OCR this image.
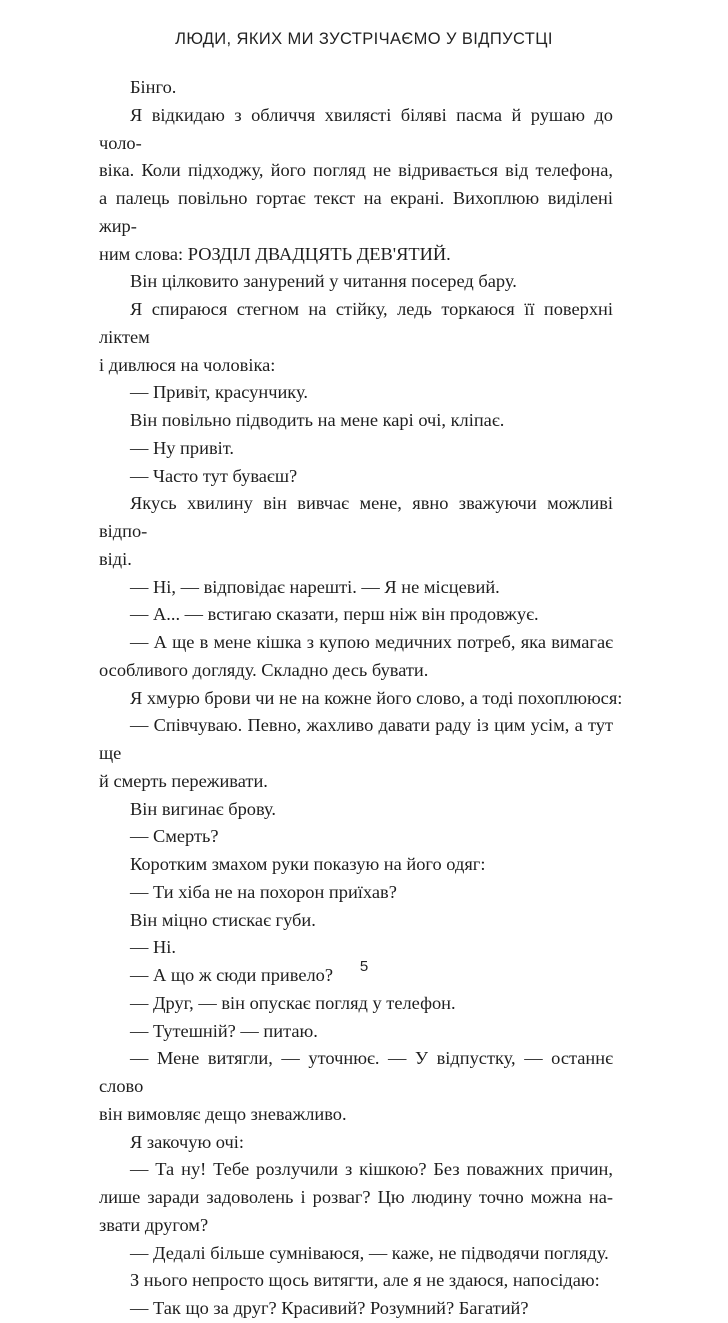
ЛЮДИ, ЯКИХ МИ ЗУСТРІЧАЄМО У ВІДПУСТЦІ
Бінго.
Я відкидаю з обличчя хвилясті біляві пасма й рушаю до чоло-
віка. Коли підходжу, його погляд не відривається від телефона,
а палець повільно гортає текст на екрані. Вихоплюю виділені жир-
ним слова: РОЗДІЛ ДВАДЦЯТЬ ДЕВ'ЯТИЙ.
Він цілковито занурений у читання посеред бару.
Я спираюся стегном на стійку, ледь торкаюся її поверхні ліктем
і дивлюся на чоловіка:
— Привіт, красунчику.
Він повільно підводить на мене карі очі, кліпає.
— Ну привіт.
— Часто тут буваєш?
Якусь хвилину він вивчає мене, явно зважуючи можливі відпо-
віді.
— Ні, — відповідає нарешті. — Я не місцевий.
— А... — встигаю сказати, перш ніж він продовжує.
— А ще в мене кішка з купою медичних потреб, яка вимагає
особливого догляду. Складно десь бувати.
Я хмурю брови чи не на кожне його слово, а тоді похоплююся:
— Співчуваю. Певно, жахливо давати раду із цим усім, а тут ще
й смерть переживати.
Він вигинає брову.
— Смерть?
Коротким змахом руки показую на його одяг:
— Ти хіба не на похорон приїхав?
Він міцно стискає губи.
— Ні.
— А що ж сюди привело?
— Друг, — він опускає погляд у телефон.
— Тутешній? — питаю.
— Мене витягли, — уточнює. — У відпустку, — останнє слово
він вимовляє дещо зневажливо.
Я закочую очі:
— Та ну! Тебе розлучили з кішкою? Без поважних причин,
лише заради задоволень і розваг? Цю людину точно можна на-
звати другом?
— Дедалі більше сумніваюся, — каже, не підводячи погляду.
З нього непросто щось витягти, але я не здаюся, напосідаю:
— Так що за друг? Красивий? Розумний? Багатий?
5
